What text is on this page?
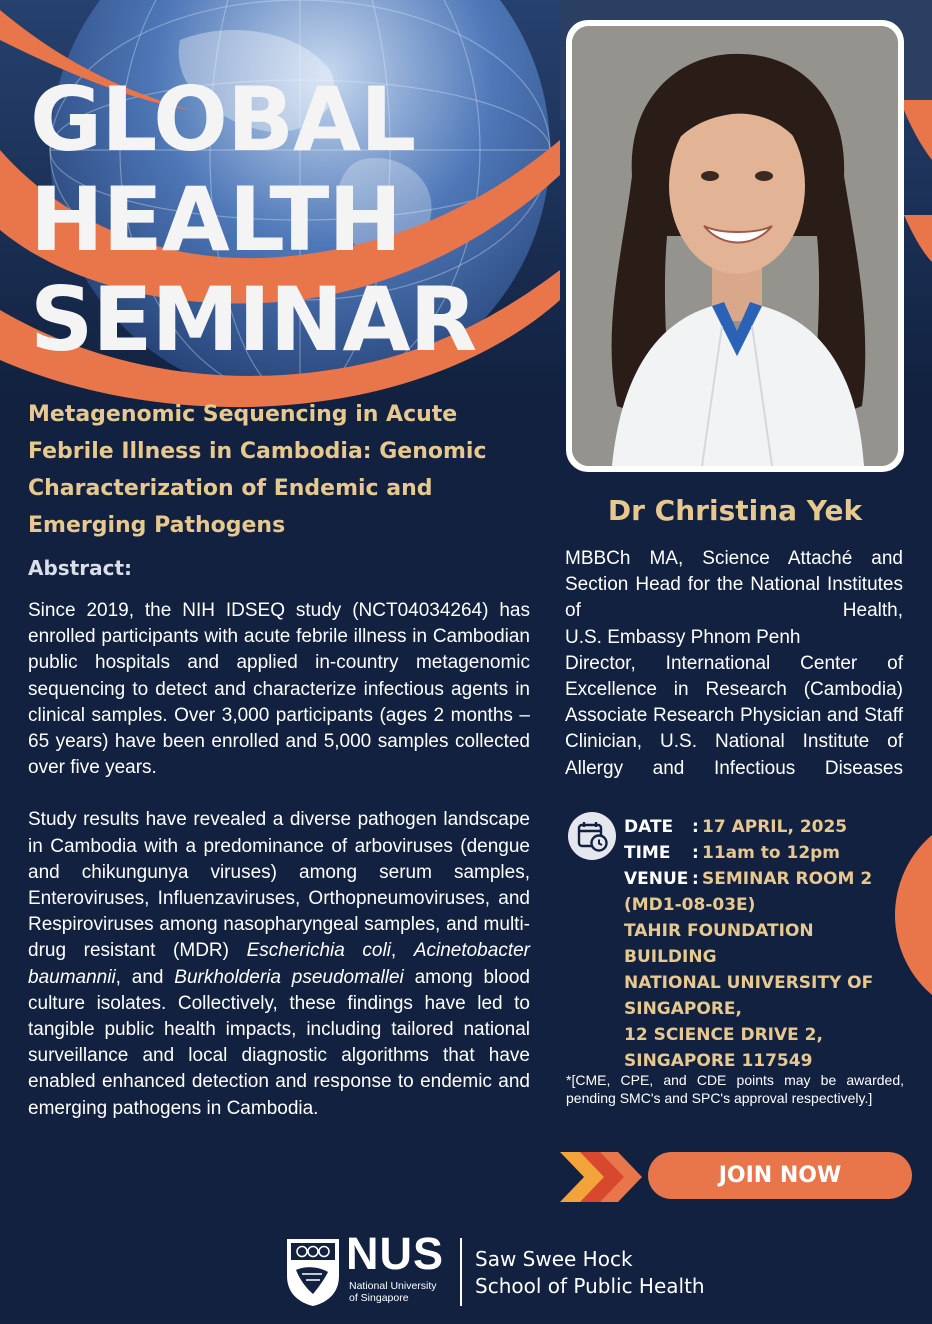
GLOBAL
HEALTH
SEMINAR
Metagenomic Sequencing in Acute Febrile Illness in Cambodia: Genomic Characterization of Endemic and Emerging Pathogens
Abstract:

Since 2019, the NIH IDSEQ study (NCT04034264) has enrolled participants with acute febrile illness in Cambodian public hospitals and applied in-country metagenomic sequencing to detect and characterize infectious agents in clinical samples. Over 3,000 participants (ages 2 months – 65 years) have been enrolled and 5,000 samples collected over five years.

Study results have revealed a diverse pathogen landscape in Cambodia with a predominance of arboviruses (dengue and chikungunya viruses) among serum samples, Enteroviruses, Influenzaviruses, Orthopneumoviruses, and Respiroviruses among nasopharyngeal samples, and multi-drug resistant (MDR) Escherichia coli, Acinetobacter baumannii, and Burkholderia pseudomallei among blood culture isolates. Collectively, these findings have led to tangible public health impacts, including tailored national surveillance and local diagnostic algorithms that have enabled enhanced detection and response to endemic and emerging pathogens in Cambodia.

Dr Christina Yek

MBBCh MA, Science Attaché and Section Head for the National Institutes of Health,

U.S. Embassy Phnom Penh

Director, International Center of Excellence in Research (Cambodia)

Associate Research Physician and Staff Clinician, U.S. National Institute of Allergy and Infectious Diseases

DATE	: 17 APRIL, 2025
TIME	: 11am to 12pm
VENUE : SEMINAR ROOM 2
(MD1-08-03E)
TAHIR FOUNDATION
BUILDING
NATIONAL UNIVERSITY OF
SINGAPORE,
12 SCIENCE DRIVE 2,
SINGAPORE 117549
*[CME, CPE, and CDE points may be awarded, pending SMC's and SPC's approval respectively.]
JOIN NOW
NUS
National University
of Singapore
Saw Swee Hock
School of Public Health
